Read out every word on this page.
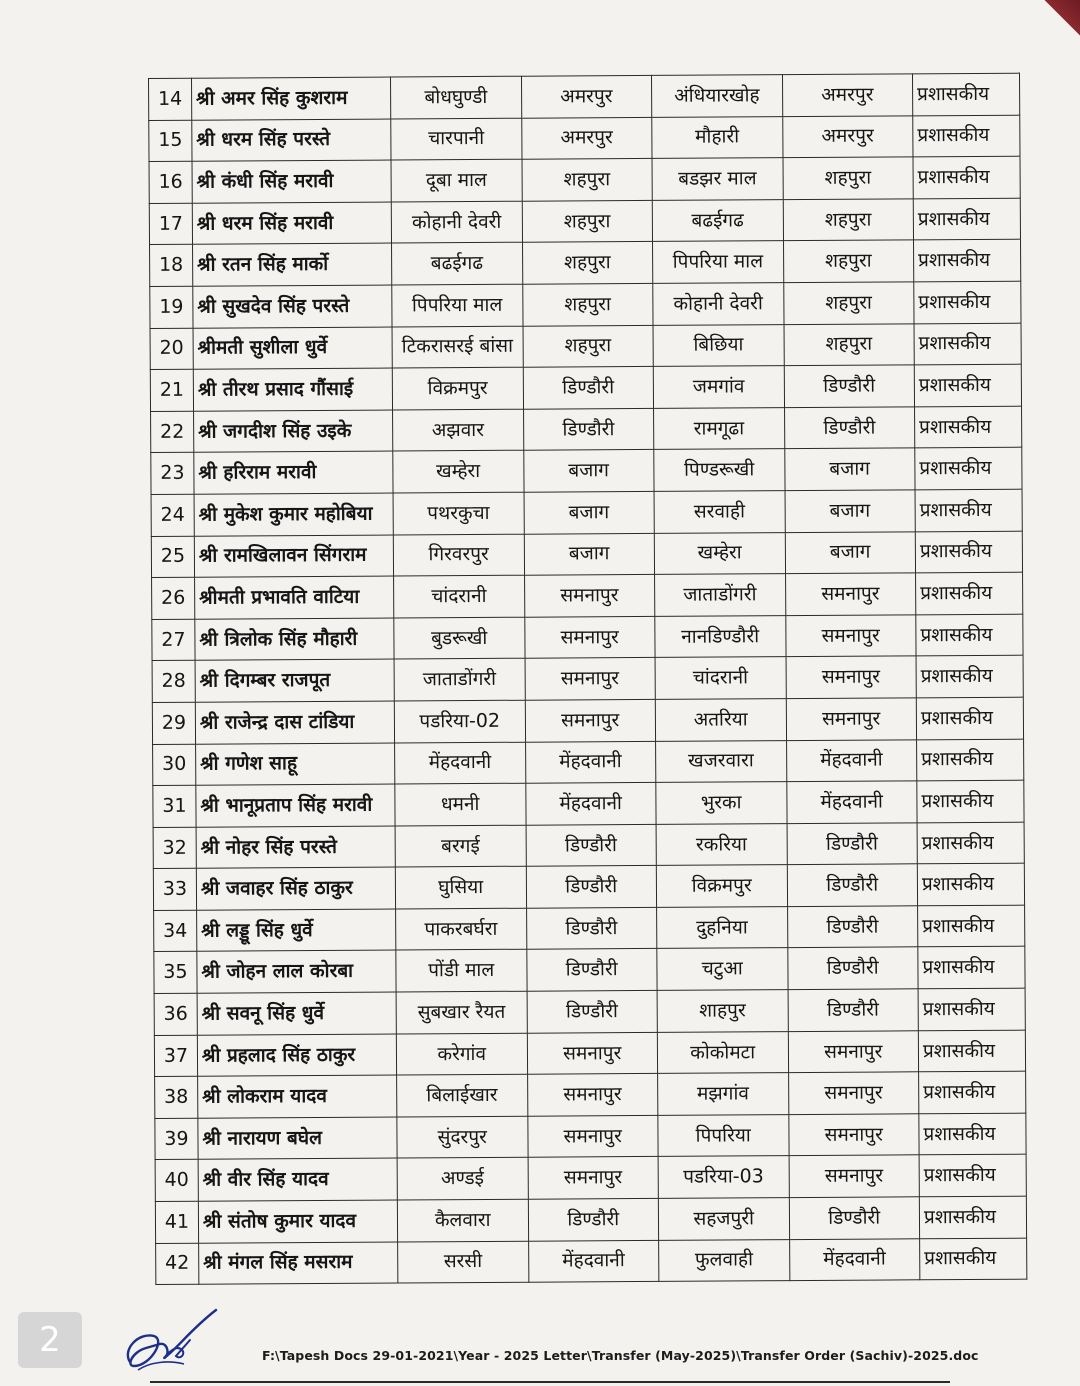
14	श्री अमर सिंह कुशराम	बोधघुण्डी	अमरपुर	अंधियारखोह	अमरपुर	प्रशासकीय
15	श्री धरम सिंह परस्ते	चारपानी	अमरपुर	मौहारी	अमरपुर	प्रशासकीय
16	श्री कंधी सिंह मरावी	दूबा माल	शहपुरा	बडझर माल	शहपुरा	प्रशासकीय
17	श्री धरम सिंह मरावी	कोहानी देवरी	शहपुरा	बढईगढ	शहपुरा	प्रशासकीय
18	श्री रतन सिंह मार्को	बढईगढ	शहपुरा	पिपरिया माल	शहपुरा	प्रशासकीय
19	श्री सुखदेव सिंह परस्ते	पिपरिया माल	शहपुरा	कोहानी देवरी	शहपुरा	प्रशासकीय
20	श्रीमती सुशीला धुर्वे	टिकरासरई बांसा	शहपुरा	बिछिया	शहपुरा	प्रशासकीय
21	श्री तीरथ प्रसाद गौंसाई	विक्रमपुर	डिण्डौरी	जमगांव	डिण्डौरी	प्रशासकीय
22	श्री जगदीश सिंह उइके	अझवार	डिण्डौरी	रामगूढा	डिण्डौरी	प्रशासकीय
23	श्री हरिराम मरावी	खम्हेरा	बजाग	पिण्डरूखी	बजाग	प्रशासकीय
24	श्री मुकेश कुमार महोबिया	पथरकुचा	बजाग	सरवाही	बजाग	प्रशासकीय
25	श्री रामखिलावन सिंगराम	गिरवरपुर	बजाग	खम्हेरा	बजाग	प्रशासकीय
26	श्रीमती प्रभावति वाटिया	चांदरानी	समनापुर	जाताडोंगरी	समनापुर	प्रशासकीय
27	श्री त्रिलोक सिंह मौहारी	बुडरूखी	समनापुर	नानडिण्डौरी	समनापुर	प्रशासकीय
28	श्री दिगम्बर राजपूत	जाताडोंगरी	समनापुर	चांदरानी	समनापुर	प्रशासकीय
29	श्री राजेन्द्र दास टांडिया	पडरिया-02	समनापुर	अतरिया	समनापुर	प्रशासकीय
30	श्री गणेश साहू	मेंहदवानी	मेंहदवानी	खजरवारा	मेंहदवानी	प्रशासकीय
31	श्री भानूप्रताप सिंह मरावी	धमनी	मेंहदवानी	भुरका	मेंहदवानी	प्रशासकीय
32	श्री नोहर सिंह परस्ते	बरगई	डिण्डौरी	रकरिया	डिण्डौरी	प्रशासकीय
33	श्री जवाहर सिंह ठाकुर	घुसिया	डिण्डौरी	विक्रमपुर	डिण्डौरी	प्रशासकीय
34	श्री लड्डू सिंह धुर्वे	पाकरबर्घरा	डिण्डौरी	दुहनिया	डिण्डौरी	प्रशासकीय
35	श्री जोहन लाल कोरबा	पोंडी माल	डिण्डौरी	चटुआ	डिण्डौरी	प्रशासकीय
36	श्री सवनू सिंह धुर्वे	सुबखार रैयत	डिण्डौरी	शाहपुर	डिण्डौरी	प्रशासकीय
37	श्री प्रहलाद सिंह ठाकुर	करेगांव	समनापुर	कोकोमटा	समनापुर	प्रशासकीय
38	श्री लोकराम यादव	बिलाईखार	समनापुर	मझगांव	समनापुर	प्रशासकीय
39	श्री नारायण बघेल	सुंदरपुर	समनापुर	पिपरिया	समनापुर	प्रशासकीय
40	श्री वीर सिंह यादव	अण्डई	समनापुर	पडरिया-03	समनापुर	प्रशासकीय
41	श्री संतोष कुमार यादव	कैलवारा	डिण्डौरी	सहजपुरी	डिण्डौरी	प्रशासकीय
42	श्री मंगल सिंह मसराम	सरसी	मेंहदवानी	फुलवाही	मेंहदवानी	प्रशासकीय
2	F:\Tapesh Docs 29-01-2021\Year - 2025 Letter\Transfer (May-2025)\Transfer Order (Sachiv)-2025.doc
